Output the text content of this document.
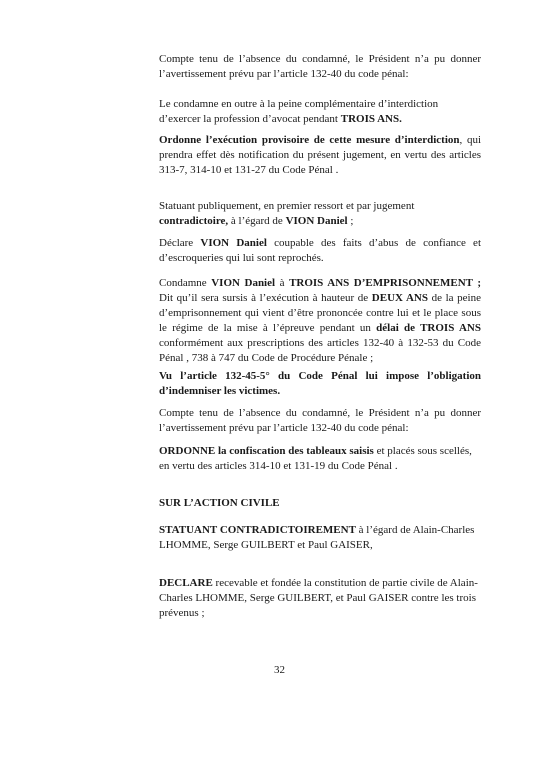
Compte tenu de l’absence du condamné, le Président n’a pu donner l’avertissement prévu par l’article 132-40 du code pénal:

Le condamne en outre à la peine complémentaire d’interdiction d’exercer la profession d’avocat pendant TROIS ANS.

Ordonne l’exécution provisoire de cette mesure d’interdiction, qui prendra effet dès notification du présent jugement, en vertu des articles 313-7, 314-10 et 131-27 du Code Pénal .

Statuant publiquement, en premier ressort et par jugement contradictoire, à l’égard de VION Daniel ;

Déclare VION Daniel coupable des faits d’abus de confiance et d’escroqueries qui lui sont reprochés.

Condamne VION Daniel à TROIS ANS D’EMPRISONNEMENT ; Dit qu’il sera sursis à l’exécution à hauteur de DEUX ANS de la peine d’emprisonnement qui vient d’être prononcée contre lui et le place sous le régime de la mise à l’épreuve pendant un délai de TROIS ANS conformément aux prescriptions des articles 132-40 à 132-53 du Code Pénal , 738 à 747 du Code de Procédure Pénale ;

Vu l’article 132-45-5° du Code Pénal lui impose l’obligation d’indemniser les victimes.

Compte tenu de l’absence du condamné, le Président n’a pu donner l’avertissement prévu par l’article 132-40 du code pénal:

ORDONNE la confiscation des tableaux saisis et placés sous scellés, en vertu des articles 314-10 et 131-19 du Code Pénal .

SUR L’ACTION CIVILE

STATUANT CONTRADICTOIREMENT à l’égard de Alain-Charles LHOMME, Serge GUILBERT et Paul GAISER,

DECLARE recevable et fondée la constitution de partie civile de Alain-Charles LHOMME, Serge GUILBERT, et Paul GAISER contre les trois prévenus ;

32
